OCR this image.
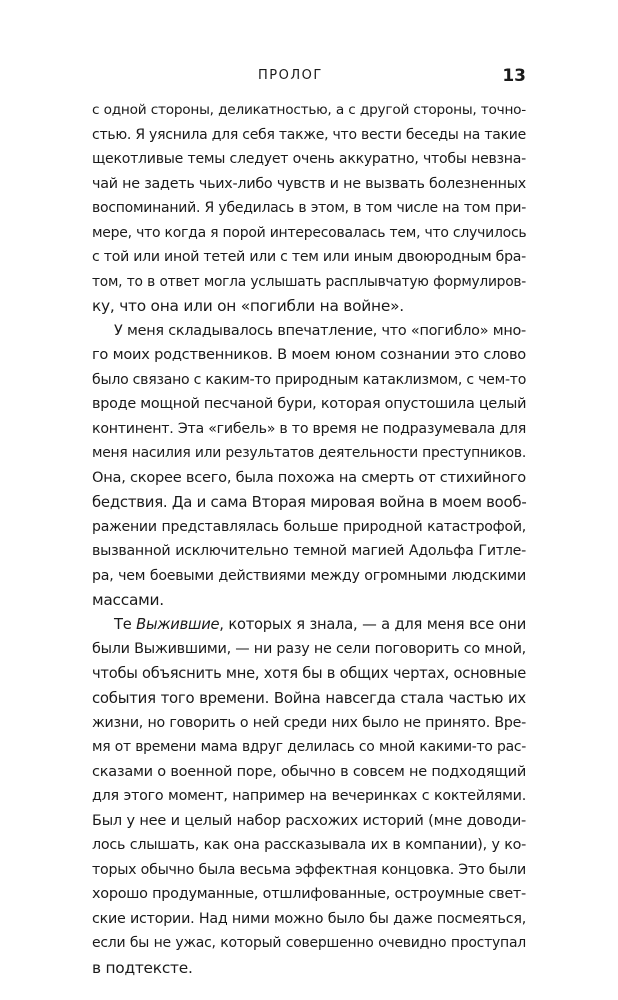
ПРОЛОГ	13
с одной стороны, деликатностью, а с другой стороны, точно-
стью. Я уяснила для себя также, что вести беседы на такие
щекотливые темы следует очень аккуратно, чтобы невзна-
чай не задеть чьих-либо чувств и не вызвать болезненных
воспоминаний. Я убедилась в этом, в том числе на том при-
мере, что когда я порой интересовалась тем, что случилось
с той или иной тетей или с тем или иным двоюродным бра-
том, то в ответ могла услышать расплывчатую формулиров-
ку, что она или он «погибли на войне».
У меня складывалось впечатление, что «погибло» мно-
го моих родственников. В моем юном сознании это слово
было связано с каким-то природным катаклизмом, с чем-то
вроде мощной песчаной бури, которая опустошила целый
континент. Эта «гибель» в то время не подразумевала для
меня насилия или результатов деятельности преступников.
Она, скорее всего, была похожа на смерть от стихийного
бедствия. Да и сама Вторая мировая война в моем вооб-
ражении представлялась больше природной катастрофой,
вызванной исключительно темной магией Адольфа Гитле-
ра, чем боевыми действиями между огромными людскими
массами.
Те Выжившие, которых я знала, — а для меня все они
были Выжившими, — ни разу не сели поговорить со мной,
чтобы объяснить мне, хотя бы в общих чертах, основные
события того времени. Война навсегда стала частью их
жизни, но говорить о ней среди них было не принято. Вре-
мя от времени мама вдруг делилась со мной какими-то рас-
сказами о военной поре, обычно в совсем не подходящий
для этого момент, например на вечеринках с коктейлями.
Был у нее и целый набор расхожих историй (мне доводи-
лось слышать, как она рассказывала их в компании), у ко-
торых обычно была весьма эффектная концовка. Это были
хорошо продуманные, отшлифованные, остроумные свет-
ские истории. Над ними можно было бы даже посмеяться,
если бы не ужас, который совершенно очевидно проступал
в подтексте.
